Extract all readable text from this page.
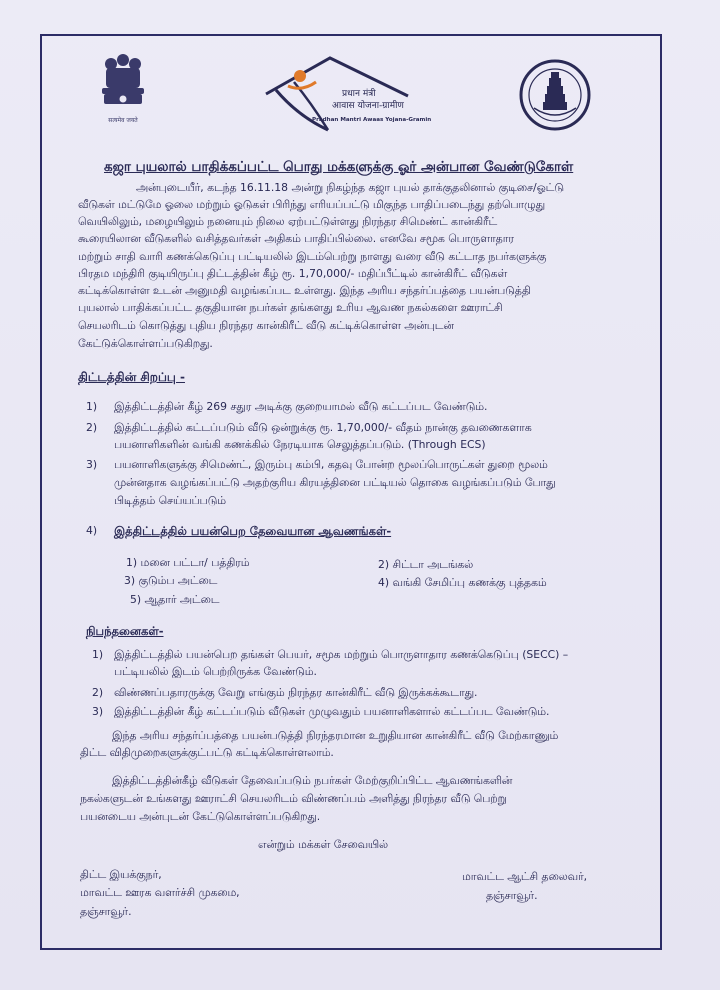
सत्यमेव जयते
प्रधान मंत्री
आवास योजना-ग्रामीण
Pradhan Mantri Awaas Yojana-Gramin
கஜா புயலால் பாதிக்கப்பட்ட பொது மக்களுக்கு ஓர் அன்பான வேண்டுகோள்
அன்புடையீர், கடந்த 16.11.18 அன்று நிகழ்ந்த கஜா புயல் தாக்குதலினால் குடிசை/ஓட்டு
வீடுகள் மட்டுமே ஓலை மற்றும் ஓடுகள் பிரிந்து எரியப்பட்டு மிகுந்த பாதிப்படைந்து தற்பொழுது
வெயிலிலும், மழையிலும் நனையும் நிலை ஏற்பட்டுள்ளது நிரந்தர சிமெண்ட் கான்கிரீட்
கூரையிலான வீடுகளில் வசித்தவர்கள் அதிகம் பாதிப்பில்லை. எனவே சமூக பொருளாதார
மற்றும் சாதி வாரி கணக்கெடுப்பு பட்டியலில் இடம்பெற்று நாளது வரை வீடு கட்டாத நபர்களுக்கு
பிரதம மந்திரி குடியிருப்பு திட்டத்தின் கீழ் ரூ. 1,70,000/- மதிப்பீட்டில் கான்கிரீட் வீடுகள்
கட்டிக்கொள்ள உடன் அனுமதி வழங்கப்பட உள்ளது. இந்த அரிய சந்தர்ப்பத்தை பயன்படுத்தி
புயலால் பாதிக்கப்பட்ட தகுதியான நபர்கள் தங்களது உரிய ஆவண நகல்களை ஊராட்சி
செயலரிடம் கொடுத்து புதிய நிரந்தர கான்கிரீட் வீடு கட்டிக்கொள்ள அன்புடன்
கேட்டுக்கொள்ளப்படுகிறது.
திட்டத்தின் சிறப்பு -
1) இத்திட்டத்தின் கீழ் 269 சதுர அடிக்கு குறையாமல் வீடு கட்டப்பட வேண்டும்.
2) இத்திட்டத்தில் கட்டப்படும் வீடு ஒன்றுக்கு ரூ. 1,70,000/- வீதம் நான்கு தவணைகளாக
பயனாளிகளின் வங்கி கணக்கில் நேரடியாக செலுத்தப்படும். (Through ECS)
3) பயனாளிகளுக்கு சிமெண்ட், இரும்பு கம்பி, கதவு போன்ற மூலப்பொருட்கள் துறை மூலம்
முன்னதாக வழங்கப்பட்டு அதற்குரிய கிரயத்தினை பட்டியல் தொகை வழங்கப்படும் போது
பிடித்தம் செய்யப்படும்
4) இத்திட்டத்தில் பயன்பெற தேவையான ஆவணங்கள்-
1) மனை பட்டா/ பத்திரம்	2) சிட்டா அடங்கல்
3) குடும்ப அட்டை	4) வங்கி சேமிப்பு கணக்கு புத்தகம்
5) ஆதார் அட்டை
நிபந்தனைகள்-
1) இத்திட்டத்தில் பயன்பெற தங்கள் பெயர், சமூக மற்றும் பொருளாதார கணக்கெடுப்பு (SECC) –
பட்டியலில் இடம் பெற்றிருக்க வேண்டும்.
2) விண்ணப்பதாரருக்கு வேறு எங்கும் நிரந்தர கான்கிரீட் வீடு இருக்கக்கூடாது.
3) இத்திட்டத்தின் கீழ் கட்டப்படும் வீடுகள் முழுவதும் பயனாளிகளால் கட்டப்பட வேண்டும்.
இந்த அரிய சந்தர்ப்பத்தை பயன்படுத்தி நிரந்தரமான உறுதியான கான்கிரீட் வீடு மேற்காணும்
திட்ட விதிமுறைகளுக்குட்பட்டு கட்டிக்கொள்ளலாம்.
இத்திட்டத்தின்கீழ் வீடுகள் தேவைப்படும் நபர்கள் மேற்குறிப்பிட்ட ஆவணங்களின்
நகல்களுடன் உங்களது ஊராட்சி செயலரிடம் விண்ணப்பம் அளித்து நிரந்தர வீடு பெற்று
பயனடைய அன்புடன் கேட்டுகொள்ளப்படுகிறது.
என்றும் மக்கள் சேவையில்
திட்ட இயக்குநர்,
மாவட்ட ஊரக வளர்ச்சி முகமை,
தஞ்சாவூர்.
மாவட்ட ஆட்சி தலைவர்,
தஞ்சாவூர்.
